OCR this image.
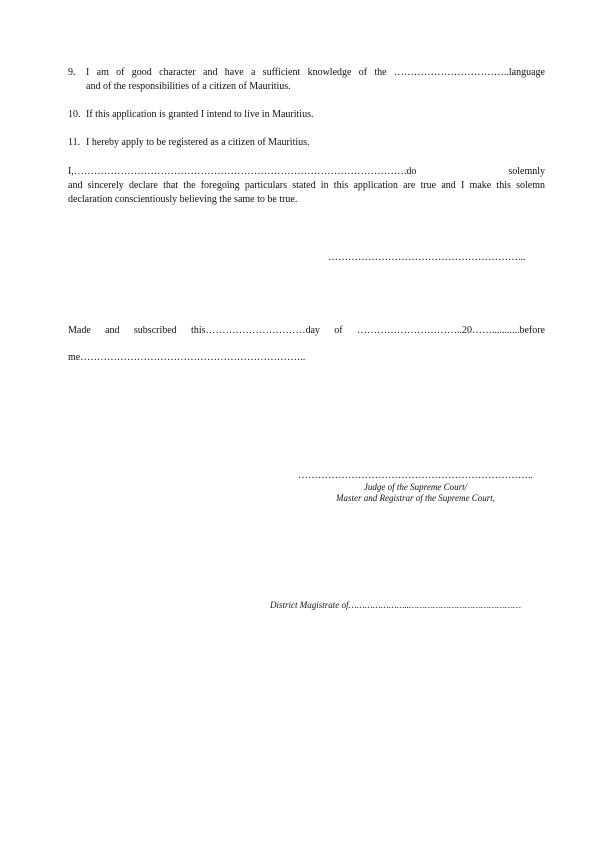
9. I am of good character and have a sufficient knowledge of the ……………………………..language
and of the responsibilities of a citizen of Mauritius.
10. If this application is granted I intend to live in Mauritius.
11. I hereby apply to be registered as a citizen of Mauritius.
I,……………………………………………………………………………………….do solemnly
and sincerely declare that the foregoing particulars stated in this application are true and I make this solemn
declaration conscientiously believing the same to be true.
…………………………………………………...
Made and subscribed this…………………………day of …………………………..20……...........before
me…………………………………………………………..
……………………………………………………………..
Judge of the Supreme Court/
Master and Registrar of the Supreme Court,
District Magistrate of…………………..……………………………………
